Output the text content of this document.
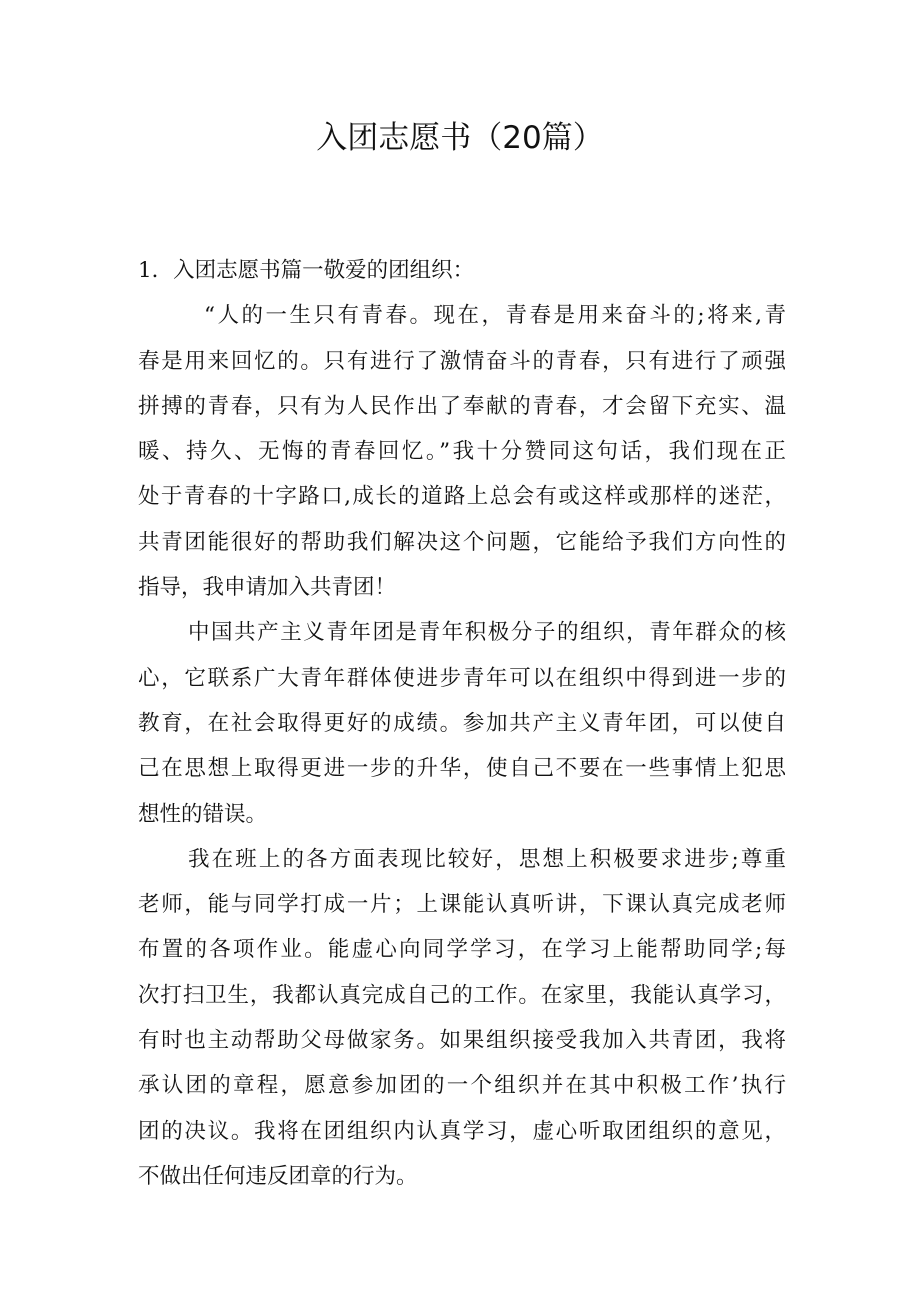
入团志愿书（20篇）
1．入团志愿书篇一敬爱的团组织：
“人的一生只有青春。现在，青春是用来奋斗的;将来,青
春是用来回忆的。只有进行了激情奋斗的青春，只有进行了顽强
拼搏的青春，只有为人民作出了奉献的青春，才会留下充实、温
暖、持久、无悔的青春回忆。”我十分赞同这句话，我们现在正
处于青春的十字路口,成长的道路上总会有或这样或那样的迷茫，
共青团能很好的帮助我们解决这个问题，它能给予我们方向性的
指导，我申请加入共青团！
中国共产主义青年团是青年积极分子的组织，青年群众的核
心，它联系广大青年群体使进步青年可以在组织中得到进一步的
教育，在社会取得更好的成绩。参加共产主义青年团，可以使自
己在思想上取得更进一步的升华，使自己不要在一些事情上犯思
想性的错误。
我在班上的各方面表现比较好，思想上积极要求进步;尊重
老师，能与同学打成一片；上课能认真听讲，下课认真完成老师
布置的各项作业。能虚心向同学学习，在学习上能帮助同学;每
次打扫卫生，我都认真完成自己的工作。在家里，我能认真学习，
有时也主动帮助父母做家务。如果组织接受我加入共青团，我将
承认团的章程，愿意参加团的一个组织并在其中积极工作’执行
团的决议。我将在团组织内认真学习，虚心听取团组织的意见，
不做出任何违反团章的行为。
